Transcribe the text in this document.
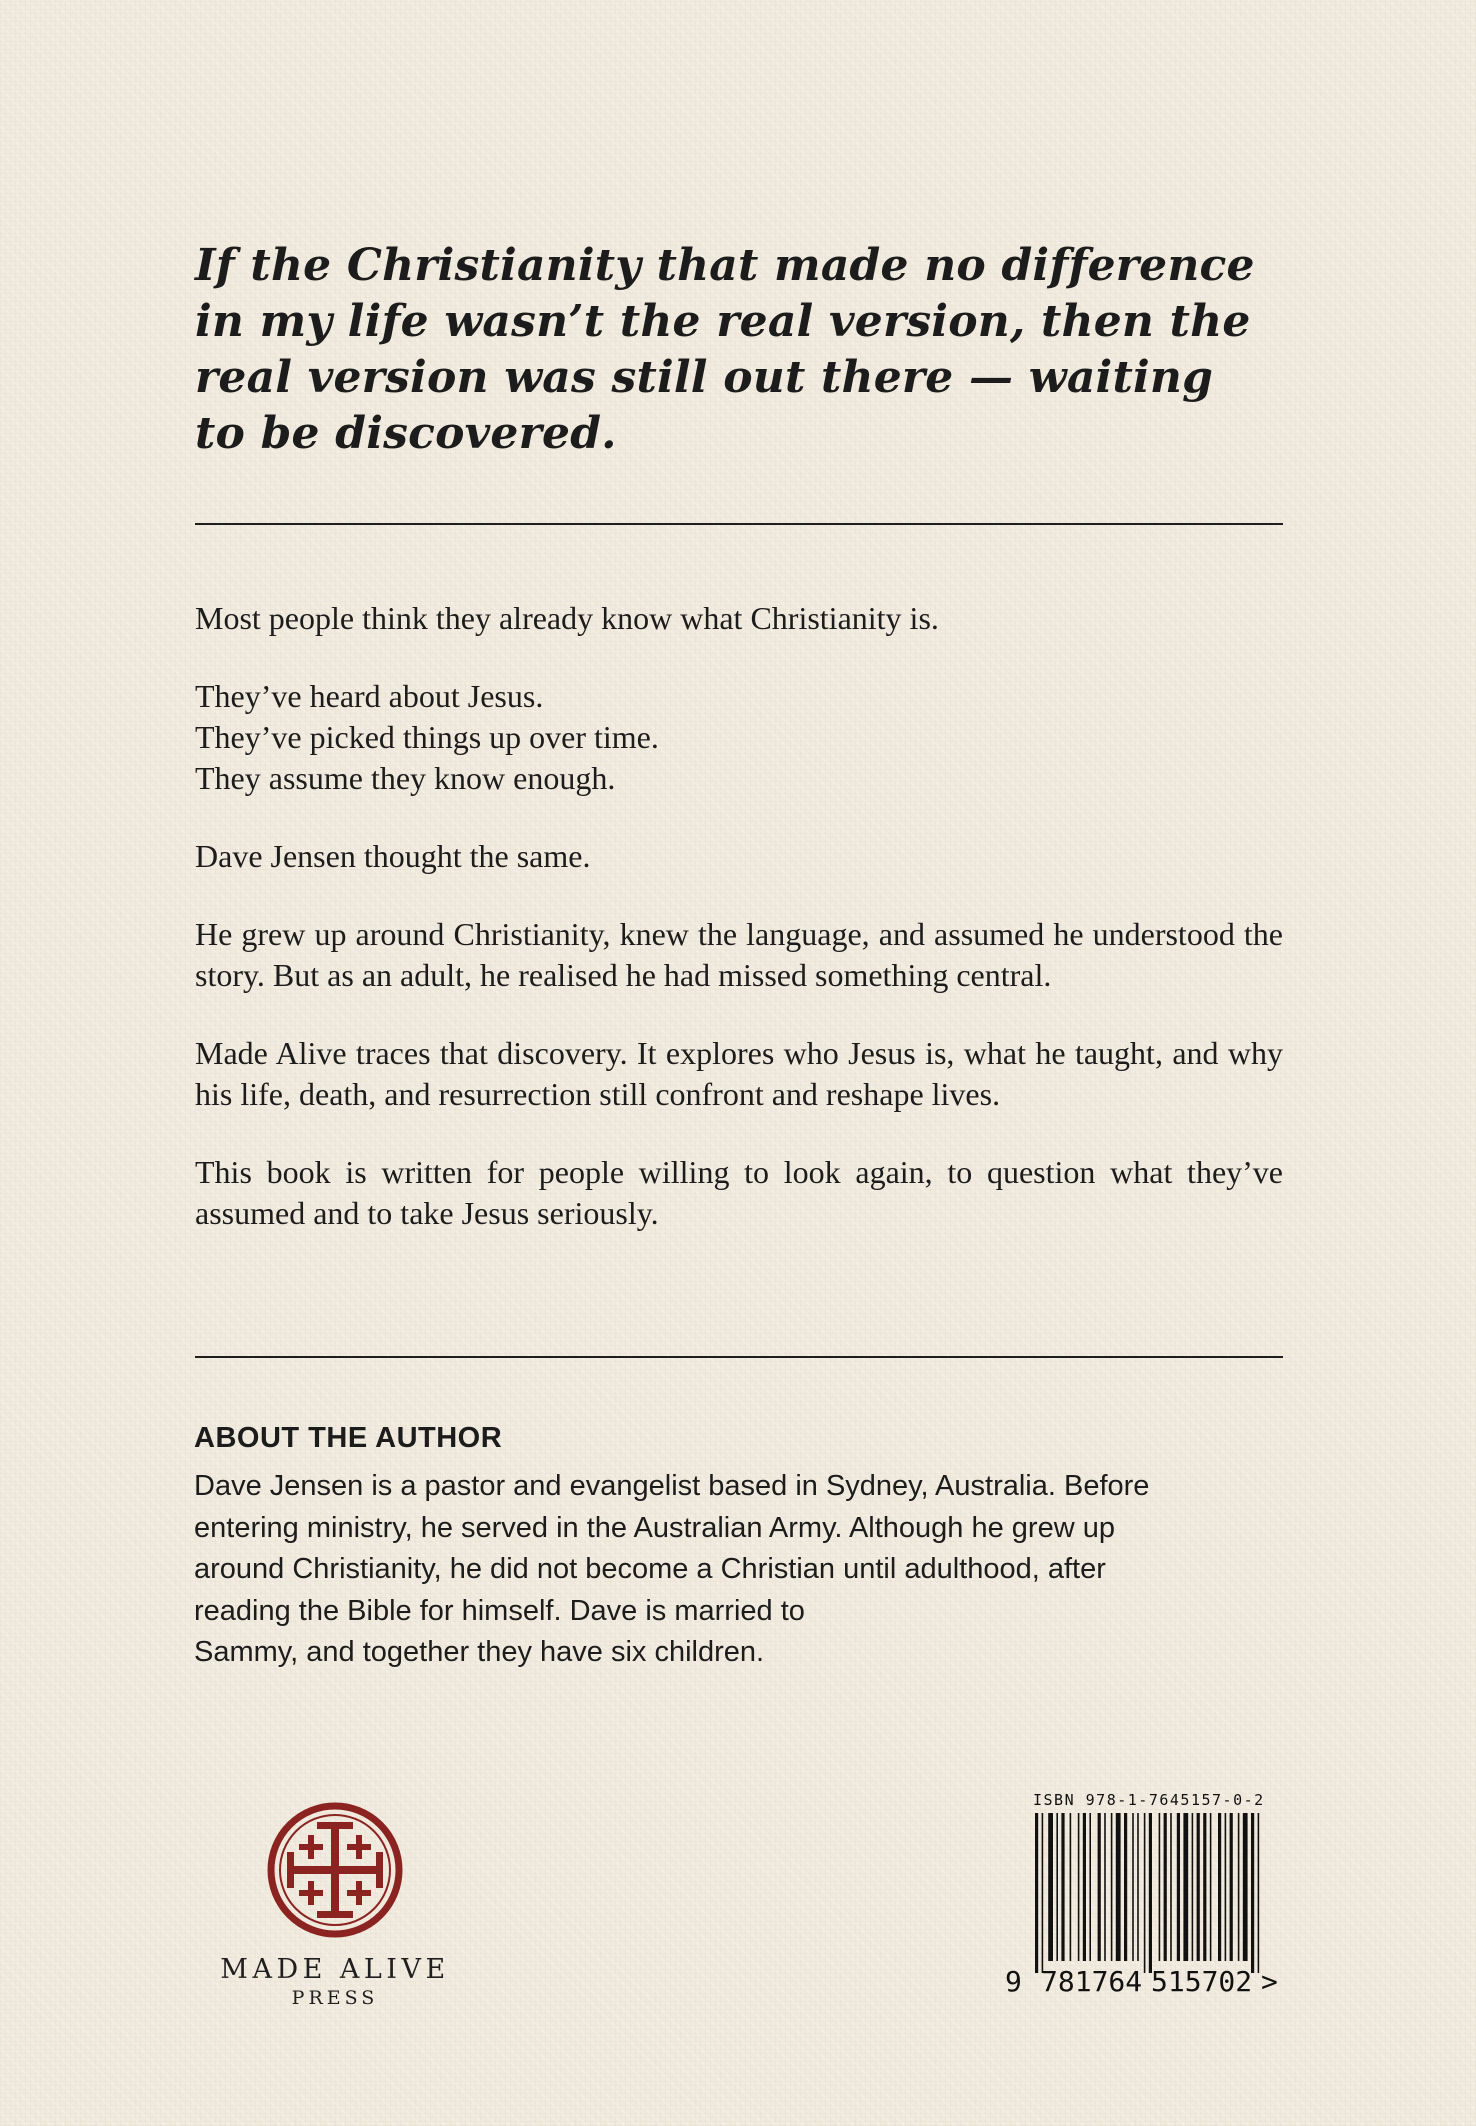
If the Christianity that made no difference
in my life wasn’t the real version, then the
real version was still out there — waiting
to be discovered.

Most people think they already know what Christianity is.

They’ve heard about Jesus.
They’ve picked things up over time.
They assume they know enough.

Dave Jensen thought the same.

He grew up around Christianity, knew the language, and assumed he understood the story. But as an adult, he realised he had missed something central.

Made Alive traces that discovery. It explores who Jesus is, what he taught, and why his life, death, and resurrection still confront and reshape lives.

This book is written for people willing to look again, to question what they’ve assumed and to take Jesus seriously.

ABOUT THE AUTHOR

Dave Jensen is a pastor and evangelist based in Sydney, Australia. Before
entering ministry, he served in the Australian Army. Although he grew up
around Christianity, he did not become a Christian until adulthood, after
reading the Bible for himself. Dave is married to
Sammy, and together they have six children.

MADE ALIVE
PRESS
ISBN 978-1-7645157-0-2
9 781764 515702 >
